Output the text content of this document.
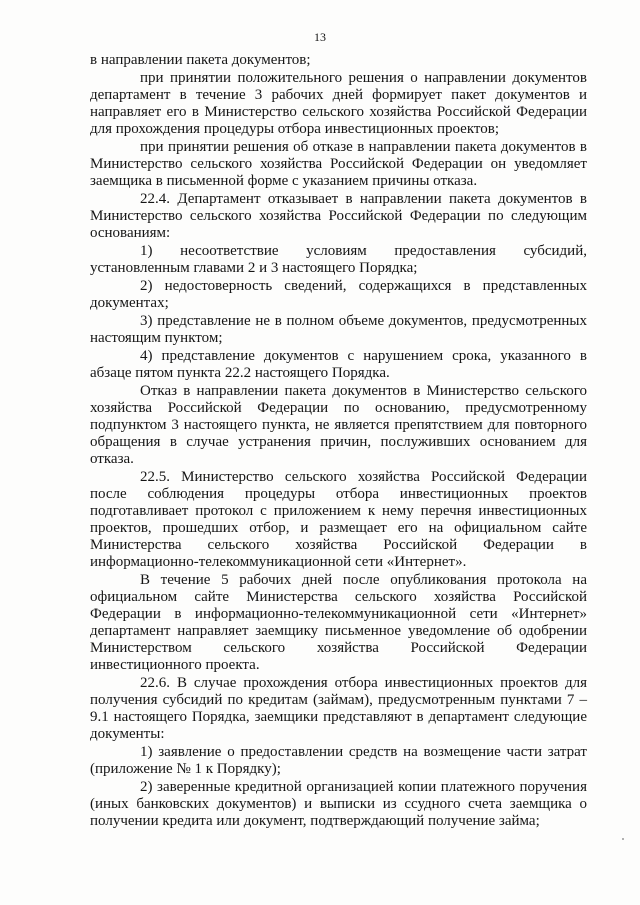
13

в направлении пакета документов;

при принятии положительного решения о направлении документов департамент в течение 3 рабочих дней формирует пакет документов и направляет его в Министерство сельского хозяйства Российской Федерации для прохождения процедуры отбора инвестиционных проектов;

при принятии решения об отказе в направлении пакета документов в Министерство сельского хозяйства Российской Федерации он уведомляет заемщика в письменной форме с указанием причины отказа.

22.4. Департамент отказывает в направлении пакета документов в Министерство сельского хозяйства Российской Федерации по следующим основаниям:

1) несоответствие условиям предоставления субсидий, установленным главами 2 и 3 настоящего Порядка;

2) недостоверность сведений, содержащихся в представленных документах;

3) представление не в полном объеме документов, предусмотренных настоящим пунктом;

4) представление документов с нарушением срока, указанного в абзаце пятом пункта 22.2 настоящего Порядка.

Отказ в направлении пакета документов в Министерство сельского хозяйства Российской Федерации по основанию, предусмотренному подпунктом 3 настоящего пункта, не является препятствием для повторного обращения в случае устранения причин, послуживших основанием для отказа.

22.5. Министерство сельского хозяйства Российской Федерации после соблюдения процедуры отбора инвестиционных проектов подготавливает протокол с приложением к нему перечня инвестиционных проектов, прошедших отбор, и размещает его на официальном сайте Министерства сельского хозяйства Российской Федерации в информационно-телекоммуникационной сети «Интернет».

В течение 5 рабочих дней после опубликования протокола на официальном сайте Министерства сельского хозяйства Российской Федерации в информационно-телекоммуникационной сети «Интернет» департамент направляет заемщику письменное уведомление об одобрении Министерством сельского хозяйства Российской Федерации инвестиционного проекта.

22.6. В случае прохождения отбора инвестиционных проектов для получения субсидий по кредитам (займам), предусмотренным пунктами 7 – 9.1 настоящего Порядка, заемщики представляют в департамент следующие документы:

1) заявление о предоставлении средств на возмещение части затрат (приложение № 1 к Порядку);

2) заверенные кредитной организацией копии платежного поручения (иных банковских документов) и выписки из ссудного счета заемщика о получении кредита или документ, подтверждающий получение займа;
